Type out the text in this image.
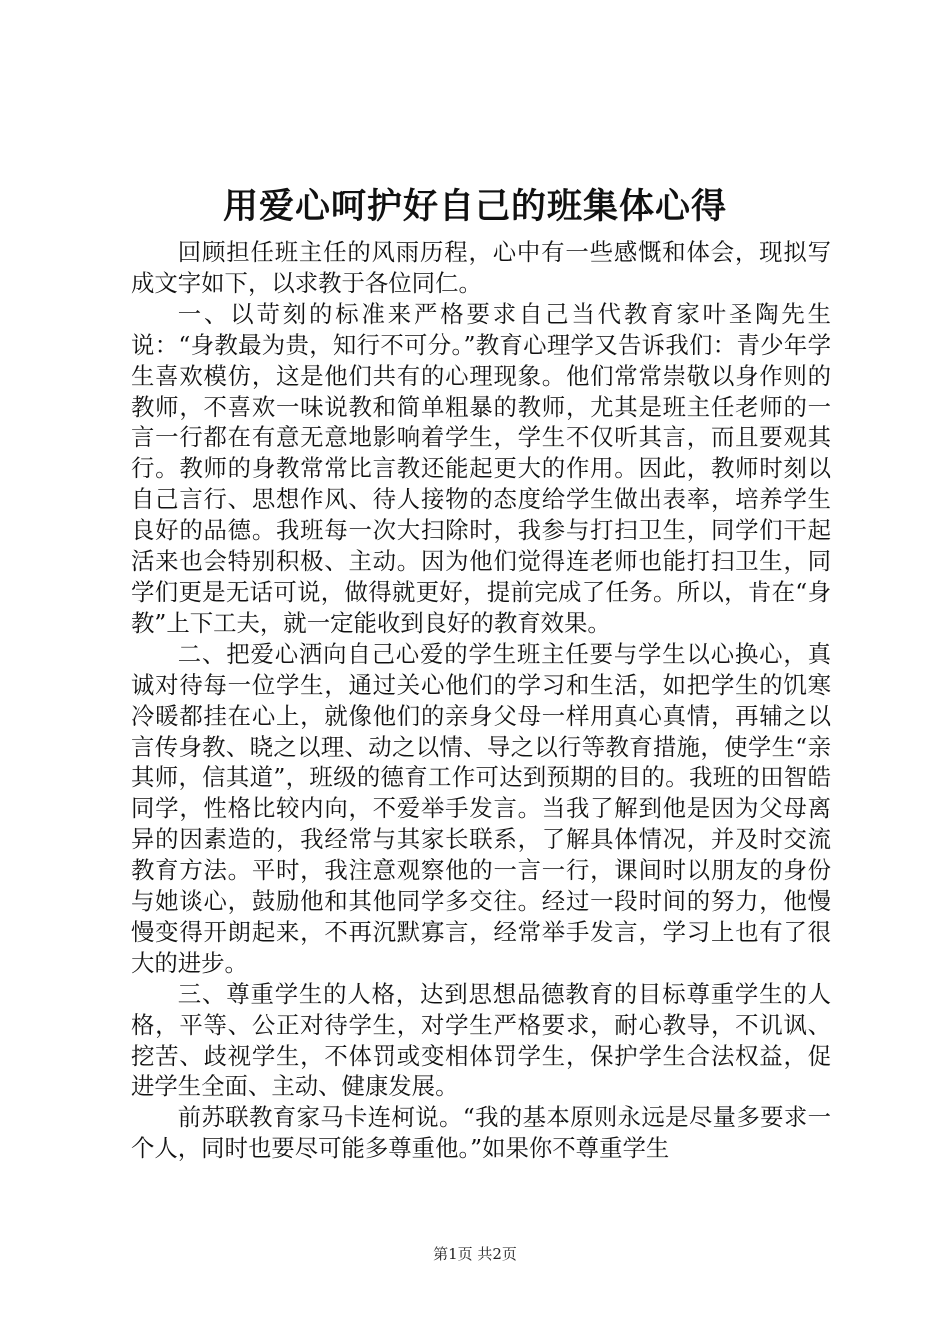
用爱心呵护好自己的班集体心得

回顾担任班主任的风雨历程，心中有一些感慨和体会，现拟写成文字如下，以求教于各位同仁。

一、以苛刻的标准来严格要求自己当代教育家叶圣陶先生说：“身教最为贵，知行不可分。”教育心理学又告诉我们：青少年学生喜欢模仿，这是他们共有的心理现象。他们常常崇敬以身作则的教师，不喜欢一味说教和简单粗暴的教师，尤其是班主任老师的一言一行都在有意无意地影响着学生，学生不仅听其言，而且要观其行。教师的身教常常比言教还能起更大的作用。因此，教师时刻以自己言行、思想作风、待人接物的态度给学生做出表率，培养学生良好的品德。我班每一次大扫除时，我参与打扫卫生，同学们干起活来也会特别积极、主动。因为他们觉得连老师也能打扫卫生，同学们更是无话可说，做得就更好，提前完成了任务。所以，肯在“身教”上下工夫，就一定能收到良好的教育效果。

二、把爱心洒向自己心爱的学生班主任要与学生以心换心，真诚对待每一位学生，通过关心他们的学习和生活，如把学生的饥寒冷暖都挂在心上，就像他们的亲身父母一样用真心真情，再辅之以言传身教、晓之以理、动之以情、导之以行等教育措施，使学生“亲其师，信其道”，班级的德育工作可达到预期的目的。我班的田智皓同学，性格比较内向，不爱举手发言。当我了解到他是因为父母离异的因素造的，我经常与其家长联系，了解具体情况，并及时交流教育方法。平时，我注意观察他的一言一行，课间时以朋友的身份与她谈心，鼓励他和其他同学多交往。经过一段时间的努力，他慢慢变得开朗起来，不再沉默寡言，经常举手发言，学习上也有了很大的进步。

三、尊重学生的人格，达到思想品德教育的目标尊重学生的人格，平等、公正对待学生，对学生严格要求，耐心教导，不讥讽、挖苦、歧视学生，不体罚或变相体罚学生，保护学生合法权益，促进学生全面、主动、健康发展。

前苏联教育家马卡连柯说。“我的基本原则永远是尽量多要求一个人，同时也要尽可能多尊重他。”如果你不尊重学生

第1页 共2页
